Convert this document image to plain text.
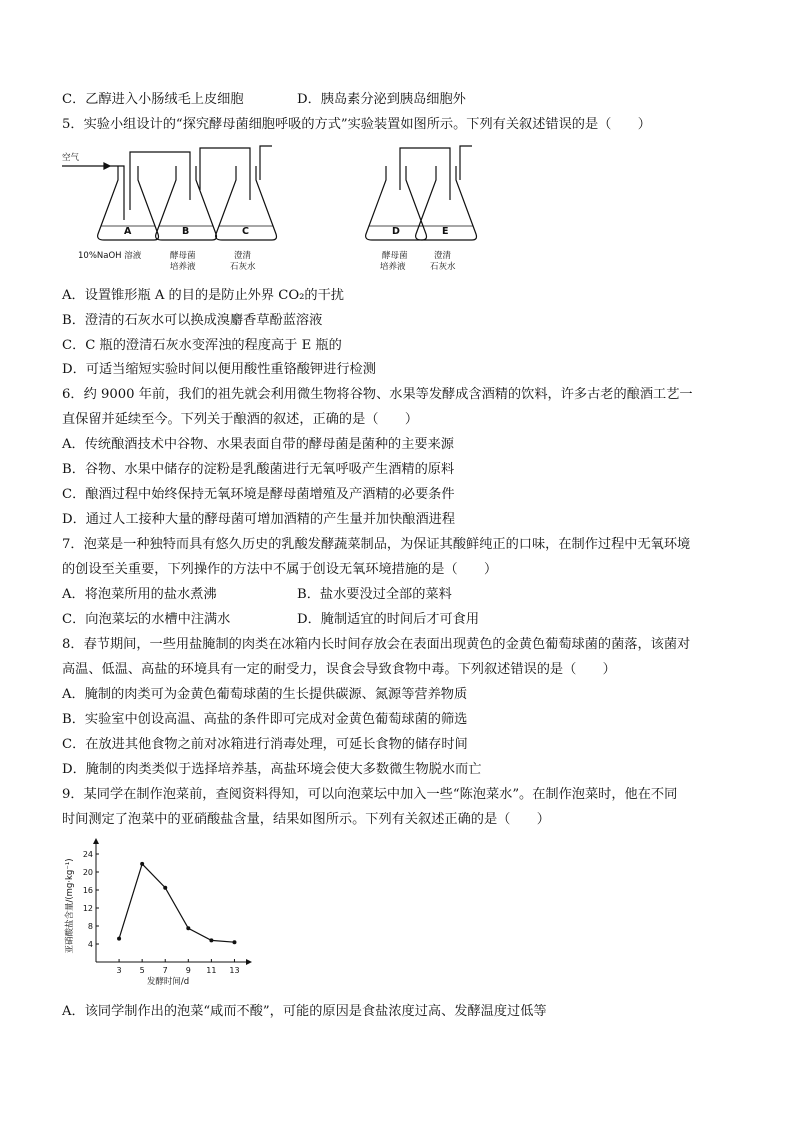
C．乙醇进入小肠绒毛上皮细胞	D．胰岛素分泌到胰岛细胞外
5．实验小组设计的“探究酵母菌细胞呼吸的方式”实验装置如图所示。下列有关叙述错误的是（　　）
空气
A	B	C	D	E
10%NaOH 溶液	酵母菌
培养液
澄清
石灰水
酵母菌
培养液
澄清
石灰水
A．设置锥形瓶 A 的目的是防止外界 CO₂的干扰
B．澄清的石灰水可以换成溴麝香草酚蓝溶液
C．C 瓶的澄清石灰水变浑浊的程度高于 E 瓶的
D．可适当缩短实验时间以便用酸性重铬酸钾进行检测
6．约 9000 年前，我们的祖先就会利用微生物将谷物、水果等发酵成含酒精的饮料，许多古老的酿酒工艺一
直保留并延续至今。下列关于酿酒的叙述，正确的是（　　）
A．传统酿酒技术中谷物、水果表面自带的酵母菌是菌种的主要来源
B．谷物、水果中储存的淀粉是乳酸菌进行无氧呼吸产生酒精的原料
C．酿酒过程中始终保持无氧环境是酵母菌增殖及产酒精的必要条件
D．通过人工接种大量的酵母菌可增加酒精的产生量并加快酿酒进程
7．泡菜是一种独特而具有悠久历史的乳酸发酵蔬菜制品，为保证其酸鲜纯正的口味，在制作过程中无氧环境
的创设至关重要，下列操作的方法中不属于创设无氧环境措施的是（　　）
A．将泡菜所用的盐水煮沸	B．盐水要没过全部的菜料
C．向泡菜坛的水槽中注满水	D．腌制适宜的时间后才可食用
8．春节期间，一些用盐腌制的肉类在冰箱内长时间存放会在表面出现黄色的金黄色葡萄球菌的菌落，该菌对
高温、低温、高盐的环境具有一定的耐受力，误食会导致食物中毒。下列叙述错误的是（　　）
A．腌制的肉类可为金黄色葡萄球菌的生长提供碳源、氮源等营养物质
B．实验室中创设高温、高盐的条件即可完成对金黄色葡萄球菌的筛选
C．在放进其他食物之前对冰箱进行消毒处理，可延长食物的储存时间
D．腌制的肉类类似于选择培养基，高盐环境会使大多数微生物脱水而亡
9．某同学在制作泡菜前，查阅资料得知，可以向泡菜坛中加入一些“陈泡菜水”。在制作泡菜时，他在不同
时间测定了泡菜中的亚硝酸盐含量，结果如图所示。下列有关叙述正确的是（　　）
3 5 7 9 11 13
4
8
12
16
20
24
发酵时间/d
亚硝酸盐含量/(mg·kg⁻¹)
A．该同学制作出的泡菜“咸而不酸”，可能的原因是食盐浓度过高、发酵温度过低等
